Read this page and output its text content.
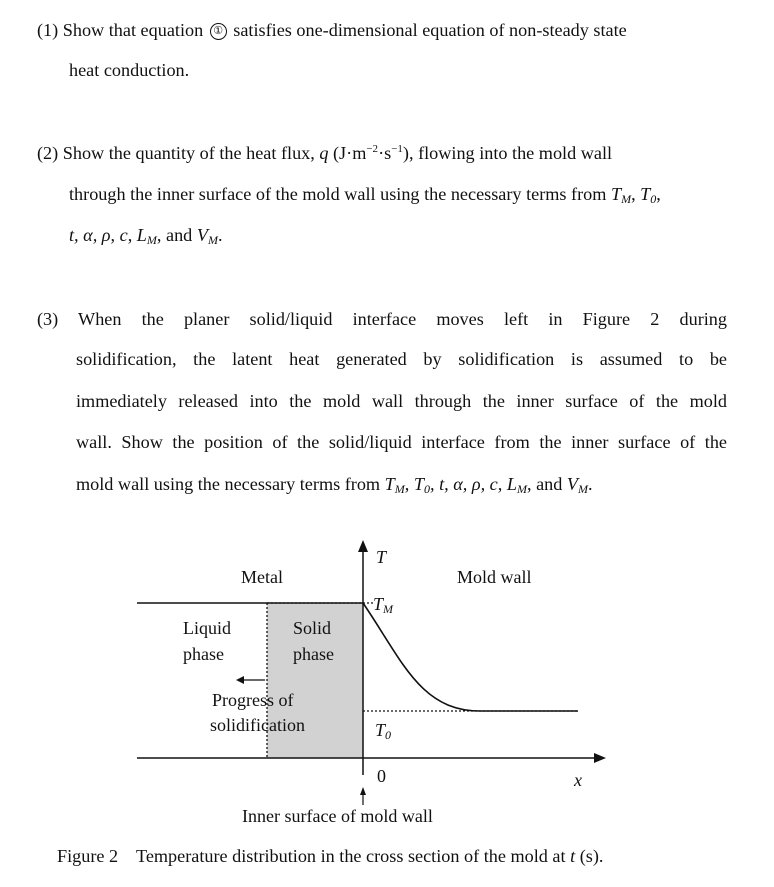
(1) Show that equation ① satisfies one-dimensional equation of non-steady state
heat conduction.
(2) Show the quantity of the heat flux, q $(J\cdot m^{-2}\cdot s^{-1})$, flowing into the mold wall
through the inner surface of the mold wall using the necessary terms from $T_M$, $T_0$,
t, α, ρ, c, $L_M$, and $V_M$.
(3) When the planer solid/liquid interface moves left in Figure 2 during
solidification, the latent heat generated by solidification is assumed to be
immediately released into the mold wall through the inner surface of the mold
wall. Show the position of the solid/liquid interface from the inner surface of the
mold wall using the necessary terms from $T_M$, $T_0$, t, α, ρ, c, $L_M$, and $V_M$.
Metal	Mold wall
T
$T_M$
Liquid
phase
Solid
phase
Progress of
solidification	$T_0$
0	x
Inner surface of mold wall
Figure 2    Temperature distribution in the cross section of the mold at t (s).
